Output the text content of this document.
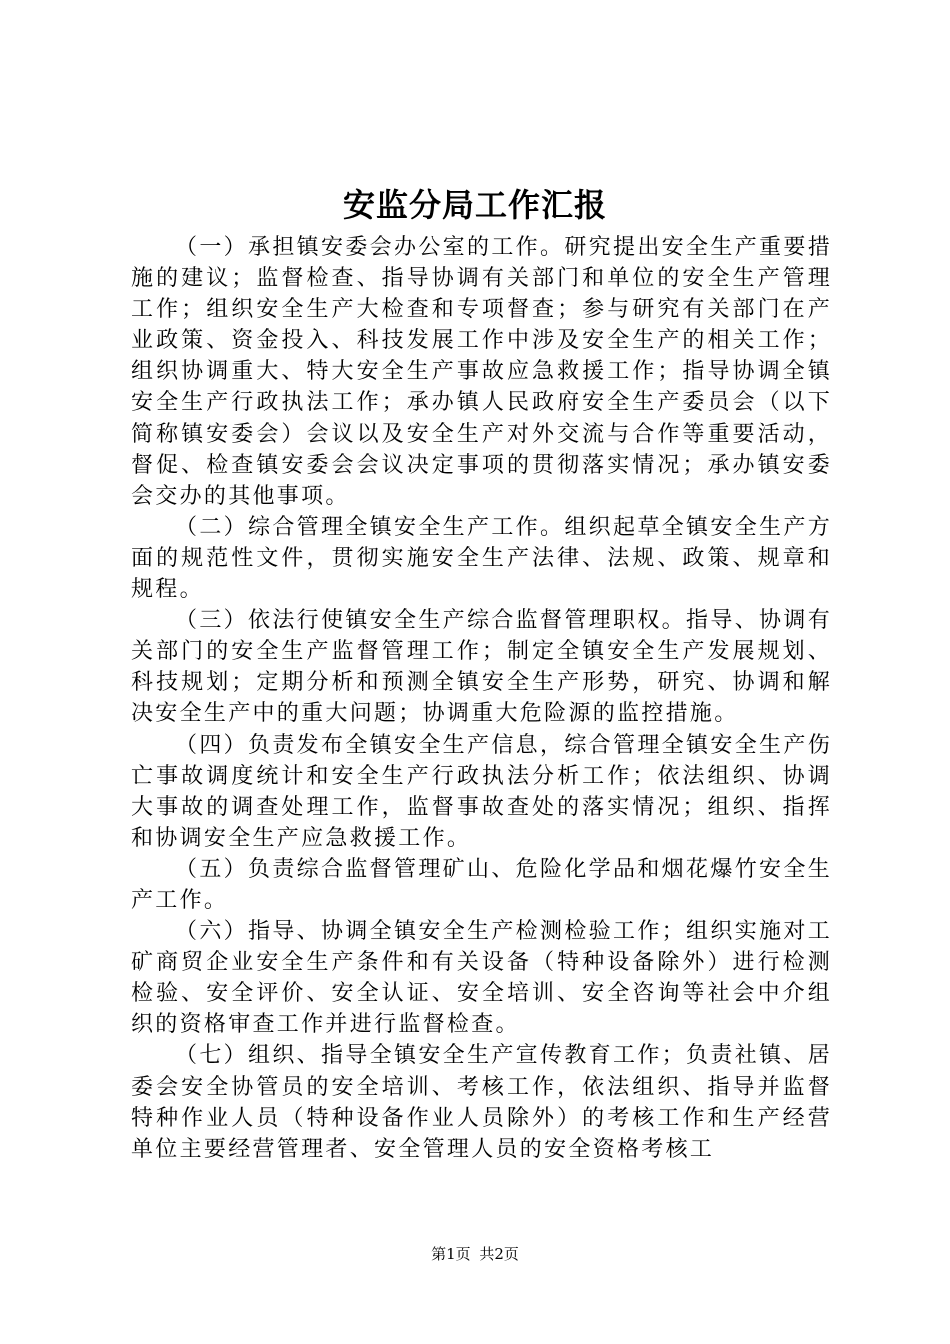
安监分局工作汇报

（一）承担镇安委会办公室的工作。研究提出安全生产重要措施的建议；监督检查、指导协调有关部门和单位的安全生产管理工作；组织安全生产大检查和专项督查；参与研究有关部门在产业政策、资金投入、科技发展工作中涉及安全生产的相关工作；组织协调重大、特大安全生产事故应急救援工作；指导协调全镇安全生产行政执法工作；承办镇人民政府安全生产委员会（以下简称镇安委会）会议以及安全生产对外交流与合作等重要活动，督促、检查镇安委会会议决定事项的贯彻落实情况；承办镇安委会交办的其他事项。

（二）综合管理全镇安全生产工作。组织起草全镇安全生产方面的规范性文件，贯彻实施安全生产法律、法规、政策、规章和规程。

（三）依法行使镇安全生产综合监督管理职权。指导、协调有关部门的安全生产监督管理工作；制定全镇安全生产发展规划、科技规划；定期分析和预测全镇安全生产形势，研究、协调和解决安全生产中的重大问题；协调重大危险源的监控措施。

（四）负责发布全镇安全生产信息，综合管理全镇安全生产伤亡事故调度统计和安全生产行政执法分析工作；依法组织、协调大事故的调查处理工作，监督事故查处的落实情况；组织、指挥和协调安全生产应急救援工作。

（五）负责综合监督管理矿山、危险化学品和烟花爆竹安全生产工作。

（六）指导、协调全镇安全生产检测检验工作；组织实施对工矿商贸企业安全生产条件和有关设备（特种设备除外）进行检测检验、安全评价、安全认证、安全培训、安全咨询等社会中介组织的资格审查工作并进行监督检查。

（七）组织、指导全镇安全生产宣传教育工作；负责社镇、居委会安全协管员的安全培训、考核工作，依法组织、指导并监督特种作业人员（特种设备作业人员除外）的考核工作和生产经营单位主要经营管理者、安全管理人员的安全资格考核工

第1页 共2页
